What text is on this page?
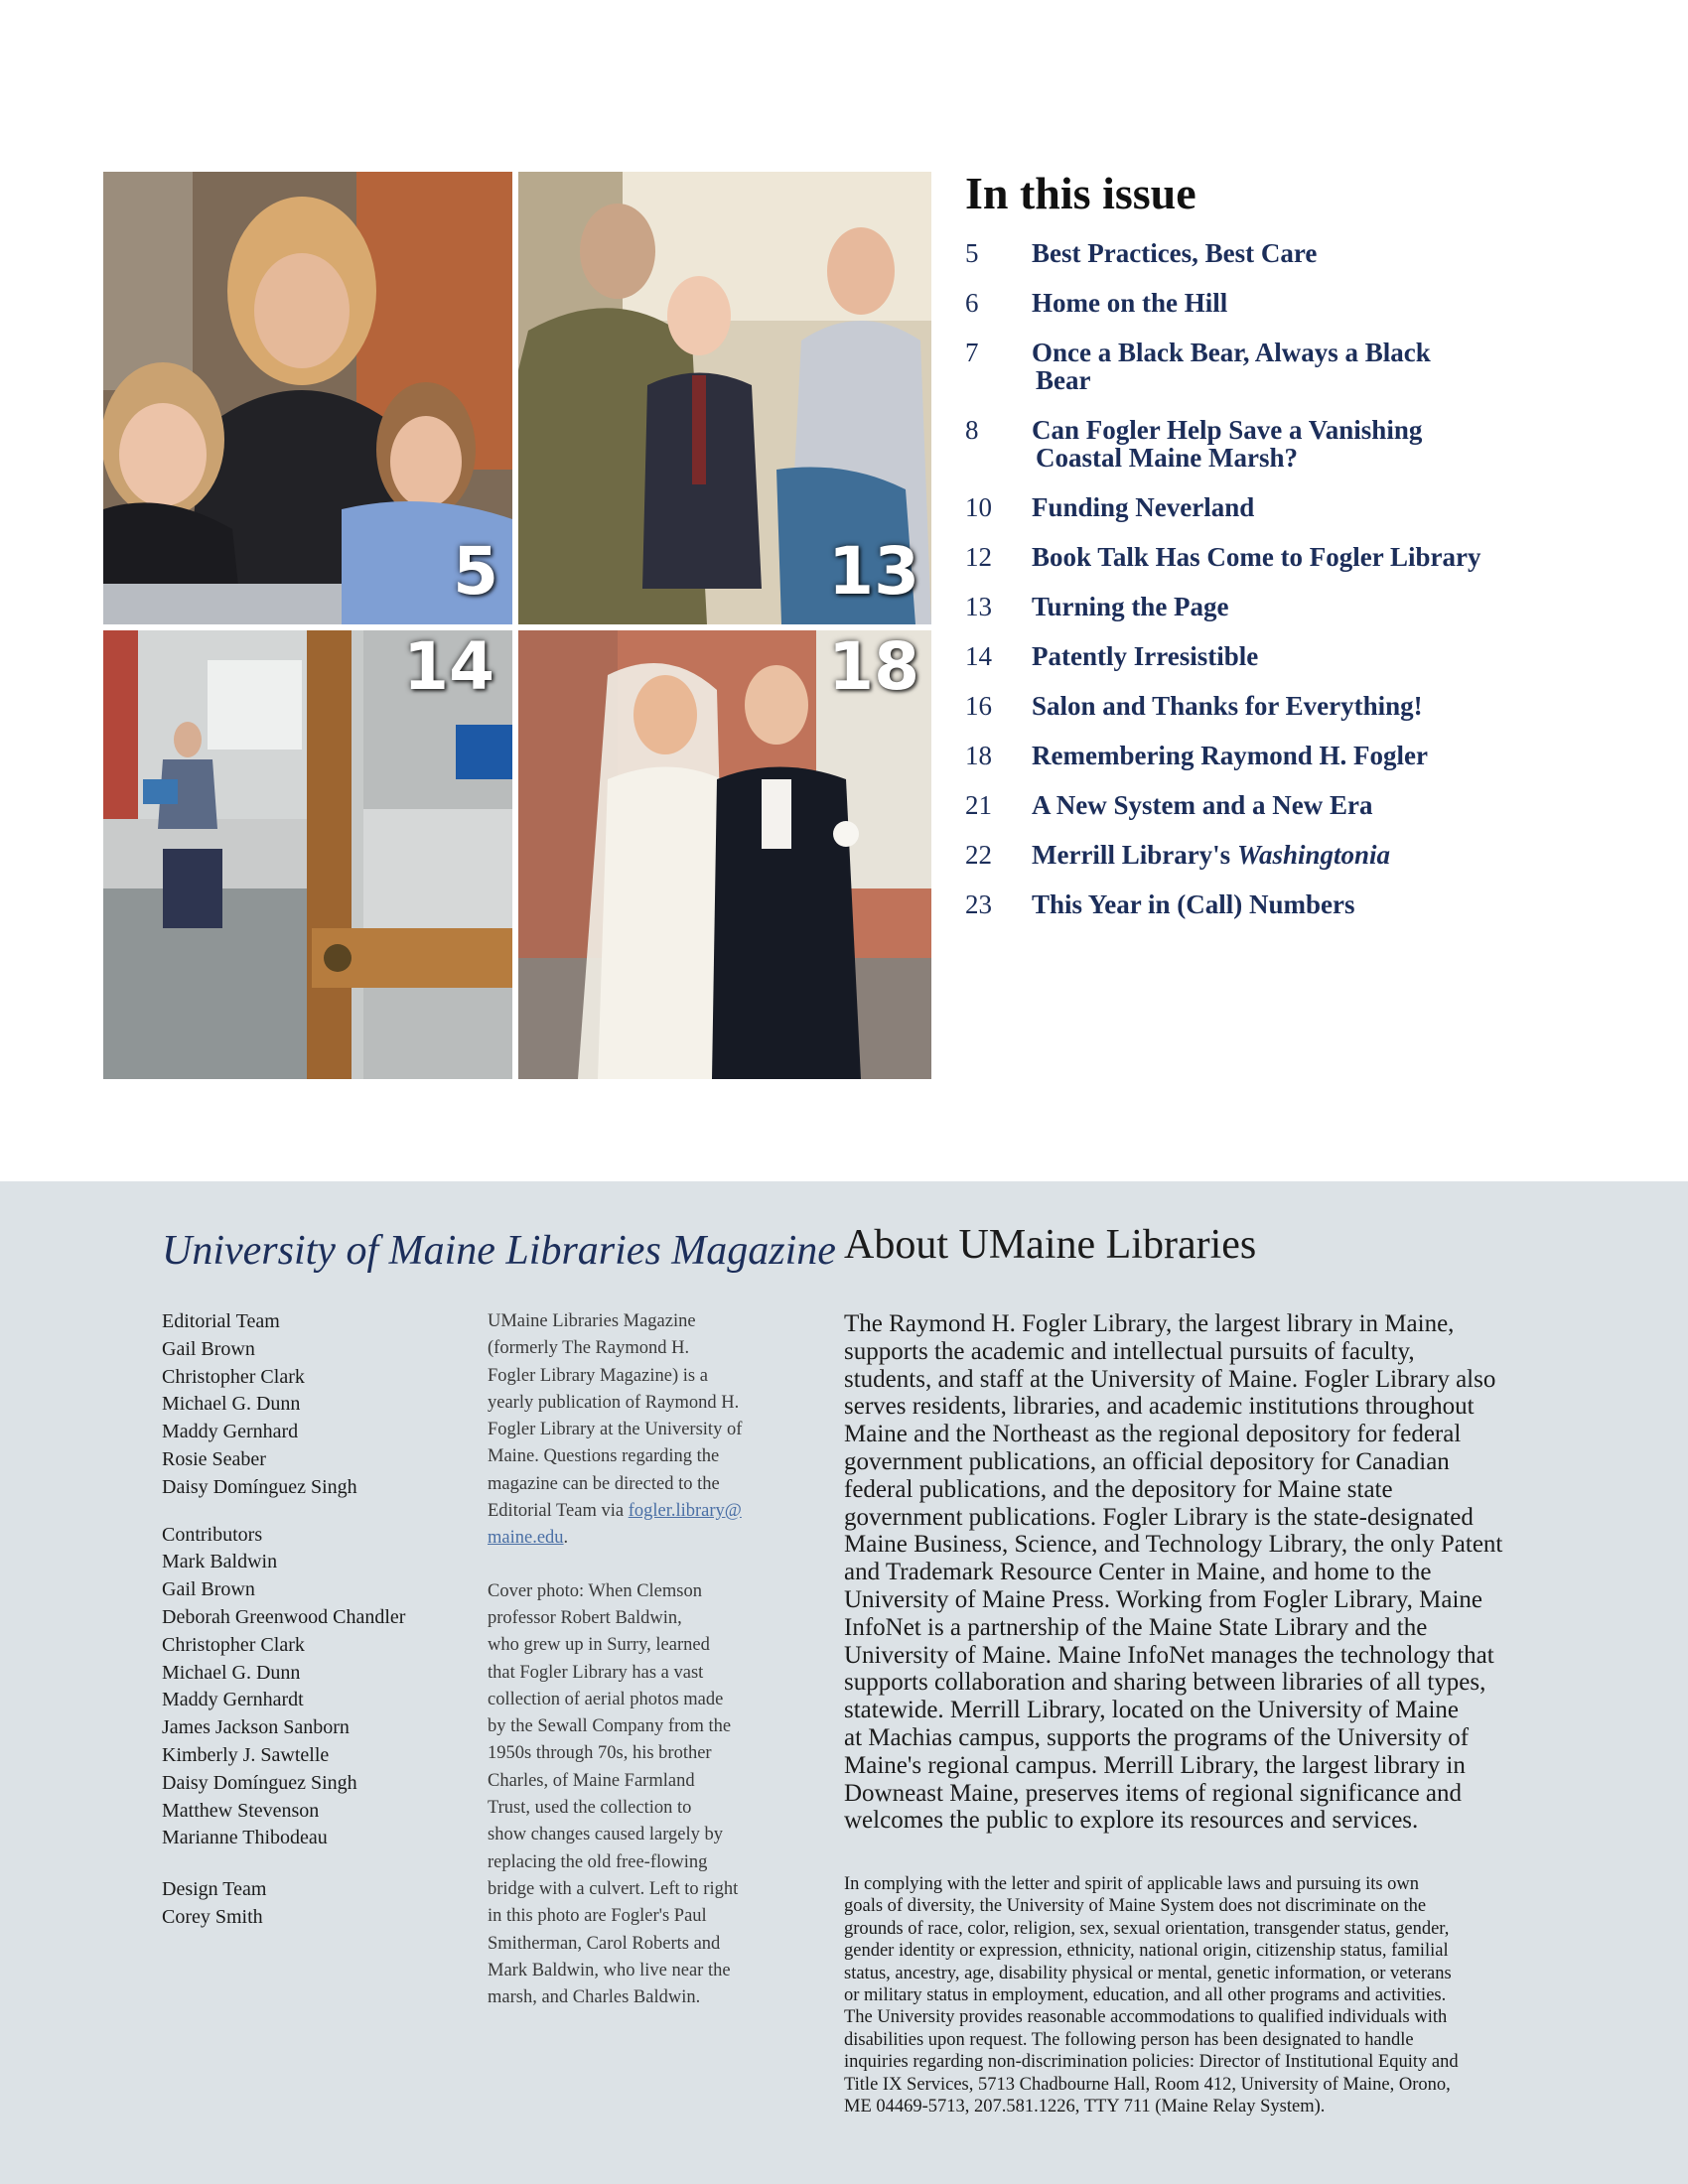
5	13
14	18
In this issue
5	Best Practices, Best Care
6	Home on the Hill
7	Once a Black Bear, Always a Black
Bear
8	Can Fogler Help Save a Vanishing
Coastal Maine Marsh?
10	Funding Neverland
12	Book Talk Has Come to Fogler Library
13	Turning the Page
14	Patently Irresistible
16	Salon and Thanks for Everything!
18	Remembering Raymond H. Fogler
21	A New System and a New Era
22	Merrill Library's Washingtonia
23	This Year in (Call) Numbers
University of Maine Libraries Magazine About UMaine Libraries
Editorial Team
Gail Brown
Christopher Clark
Michael G. Dunn
Maddy Gernhard
Rosie Seaber
Daisy Domínguez Singh
Contributors
Mark Baldwin
Gail Brown
Deborah Greenwood Chandler
Christopher Clark
Michael G. Dunn
Maddy Gernhardt
James Jackson Sanborn
Kimberly J. Sawtelle
Daisy Domínguez Singh
Matthew Stevenson
Marianne Thibodeau
Design Team
Corey Smith

UMaine Libraries Magazine
(formerly The Raymond H.
Fogler Library Magazine) is a
yearly publication of Raymond H.
Fogler Library at the University of
Maine. Questions regarding the
magazine can be directed to the
Editorial Team via fogler.library@
maine.edu.

Cover photo: When Clemson
professor Robert Baldwin,
who grew up in Surry, learned
that Fogler Library has a vast
collection of aerial photos made
by the Sewall Company from the
1950s through 70s, his brother
Charles, of Maine Farmland
Trust, used the collection to
show changes caused largely by
replacing the old free-flowing
bridge with a culvert. Left to right
in this photo are Fogler's Paul
Smitherman, Carol Roberts and
Mark Baldwin, who live near the
marsh, and Charles Baldwin.

The Raymond H. Fogler Library, the largest library in Maine,
supports the academic and intellectual pursuits of faculty,
students, and staff at the University of Maine. Fogler Library also
serves residents, libraries, and academic institutions throughout
Maine and the Northeast as the regional depository for federal
government publications, an official depository for Canadian
federal publications, and the depository for Maine state
government publications. Fogler Library is the state-designated
Maine Business, Science, and Technology Library, the only Patent
and Trademark Resource Center in Maine, and home to the
University of Maine Press. Working from Fogler Library, Maine
InfoNet is a partnership of the Maine State Library and the
University of Maine. Maine InfoNet manages the technology that
supports collaboration and sharing between libraries of all types,
statewide. Merrill Library, located on the University of Maine
at Machias campus, supports the programs of the University of
Maine's regional campus. Merrill Library, the largest library in
Downeast Maine, preserves items of regional significance and
welcomes the public to explore its resources and services.
In complying with the letter and spirit of applicable laws and pursuing its own
goals of diversity, the University of Maine System does not discriminate on the
grounds of race, color, religion, sex, sexual orientation, transgender status, gender,
gender identity or expression, ethnicity, national origin, citizenship status, familial
status, ancestry, age, disability physical or mental, genetic information, or veterans
or military status in employment, education, and all other programs and activities.
The University provides reasonable accommodations to qualified individuals with
disabilities upon request. The following person has been designated to handle
inquiries regarding non-discrimination policies: Director of Institutional Equity and
Title IX Services, 5713 Chadbourne Hall, Room 412, University of Maine, Orono,
ME 04469-5713, 207.581.1226, TTY 711 (Maine Relay System).
